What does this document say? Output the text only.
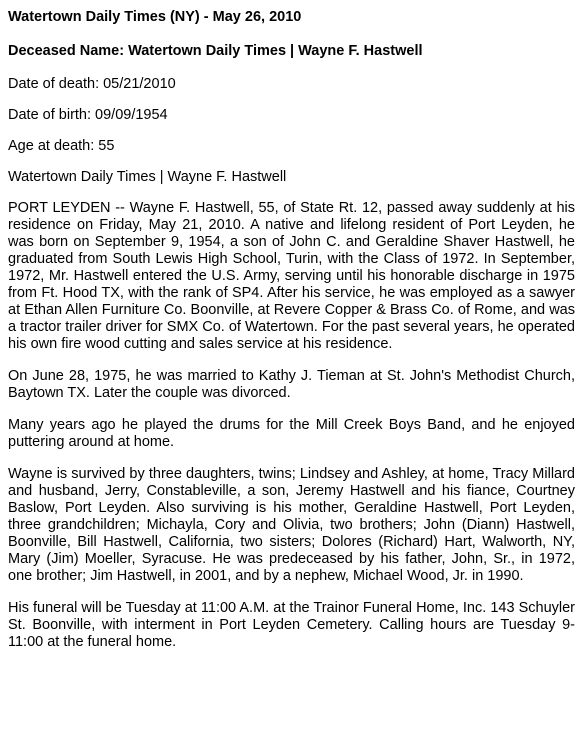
Watertown Daily Times (NY) - May 26, 2010
Deceased Name: Watertown Daily Times | Wayne F. Hastwell
Date of death: 05/21/2010
Date of birth: 09/09/1954
Age at death: 55
Watertown Daily Times | Wayne F. Hastwell
PORT LEYDEN -- Wayne F. Hastwell, 55, of State Rt. 12, passed away suddenly at his residence on Friday, May 21, 2010. A native and lifelong resident of Port Leyden, he was born on September 9, 1954, a son of John C. and Geraldine Shaver Hastwell, he graduated from South Lewis High School, Turin, with the Class of 1972. In September, 1972, Mr. Hastwell entered the U.S. Army, serving until his honorable discharge in 1975 from Ft. Hood TX, with the rank of SP4. After his service, he was employed as a sawyer at Ethan Allen Furniture Co. Boonville, at Revere Copper & Brass Co. of Rome, and was a tractor trailer driver for SMX Co. of Watertown. For the past several years, he operated his own fire wood cutting and sales service at his residence.
On June 28, 1975, he was married to Kathy J. Tieman at St. John's Methodist Church, Baytown TX. Later the couple was divorced.
Many years ago he played the drums for the Mill Creek Boys Band, and he enjoyed puttering around at home.
Wayne is survived by three daughters, twins; Lindsey and Ashley, at home, Tracy Millard and husband, Jerry, Constableville, a son, Jeremy Hastwell and his fiance, Courtney Baslow, Port Leyden. Also surviving is his mother, Geraldine Hastwell, Port Leyden, three grandchildren; Michayla, Cory and Olivia, two brothers; John (Diann) Hastwell, Boonville, Bill Hastwell, California, two sisters; Dolores (Richard) Hart, Walworth, NY, Mary (Jim) Moeller, Syracuse. He was predeceased by his father, John, Sr., in 1972, one brother; Jim Hastwell, in 2001, and by a nephew, Michael Wood, Jr. in 1990.
His funeral will be Tuesday at 11:00 A.M. at the Trainor Funeral Home, Inc. 143 Schuyler St. Boonville, with interment in Port Leyden Cemetery. Calling hours are Tuesday 9-11:00 at the funeral home.
